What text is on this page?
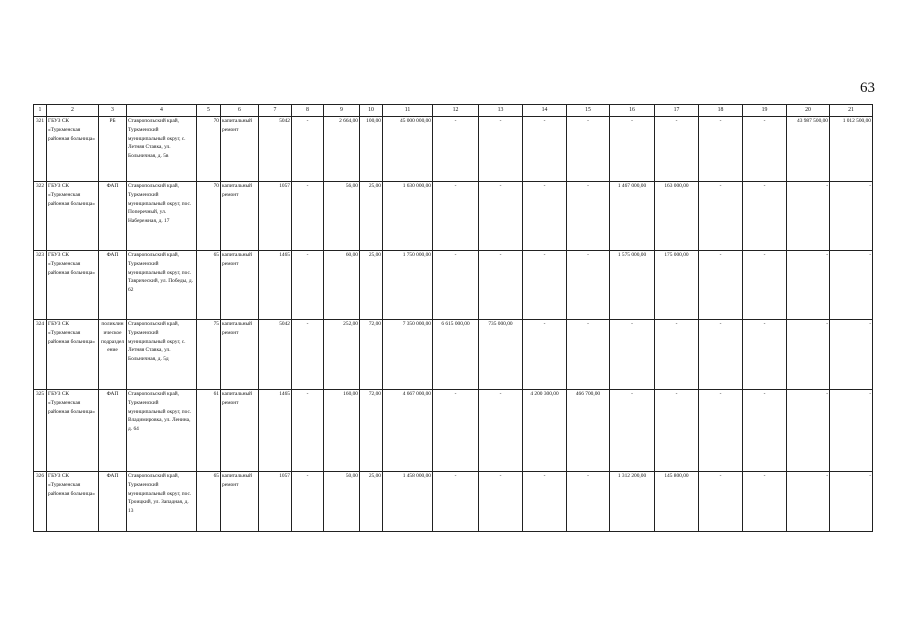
63
1	2	3	4	5	6	7	8	9	10	11	12	13	14	15	16	17	18	19	20	21
321	ГБУЗ СК «Туркменская районная больница»	РБ	Ставропольский край, Туркменский муниципальный округ, с. Летняя Ставка, ул. Больничная, д. 5в	70	капитальный ремонт	5042	-	2 664,00	100,00	45 000 000,00	-	-	-	-	-	-	-	-	43 987 500,00	1 012 500,00
322	ГБУЗ СК «Туркменская районная больница»	ФАП	Ставропольский край, Туркменский муниципальный округ, пос. Поперечный, ул. Набережная, д. 17	70	капитальный ремонт	1057	-	56,00	25,00	1 630 000,00	-	-	-	-	1 467 000,00	163 000,00	-	-	-	-
323	ГБУЗ СК «Туркменская районная больница»	ФАП	Ставропольский край, Туркменский муниципальный округ, пос. Таврический, ул. Победы, д. 62	65	капитальный ремонт	1465	-	60,00	25,00	1 750 000,00	-	-	-	-	1 575 000,00	175 000,00	-	-	-	-
324	ГБУЗ СК «Туркменская районная больница»	поликлиническое подразделение	Ставропольский край, Туркменский муниципальный округ, с. Летняя Ставка, ул. Больничная, д. 5д	75	капитальный ремонт	5042	-	252,00	72,00	7 350 000,00	6 615 000,00	735 000,00	-	-	-	-	-	-	-	-
325	ГБУЗ СК «Туркменская районная больница»	ФАП	Ставропольский край, Туркменский муниципальный округ, пос. Владимировка, ул. Ленина, д. 64	61	капитальный ремонт	1465	-	160,00	72,00	4 667 000,00	-	-	4 200 300,00	466 700,00	-	-	-	-	-	-
326	ГБУЗ СК «Туркменская районная больница»	ФАП	Ставропольский край, Туркменский муниципальный округ, пос. Троицкий, ул. Западная, д. 13	65	капитальный ремонт	1057	-	50,00	25,00	1 458 000,00	-	-	-	-	1 312 200,00	145 800,00	-	-	-	-
